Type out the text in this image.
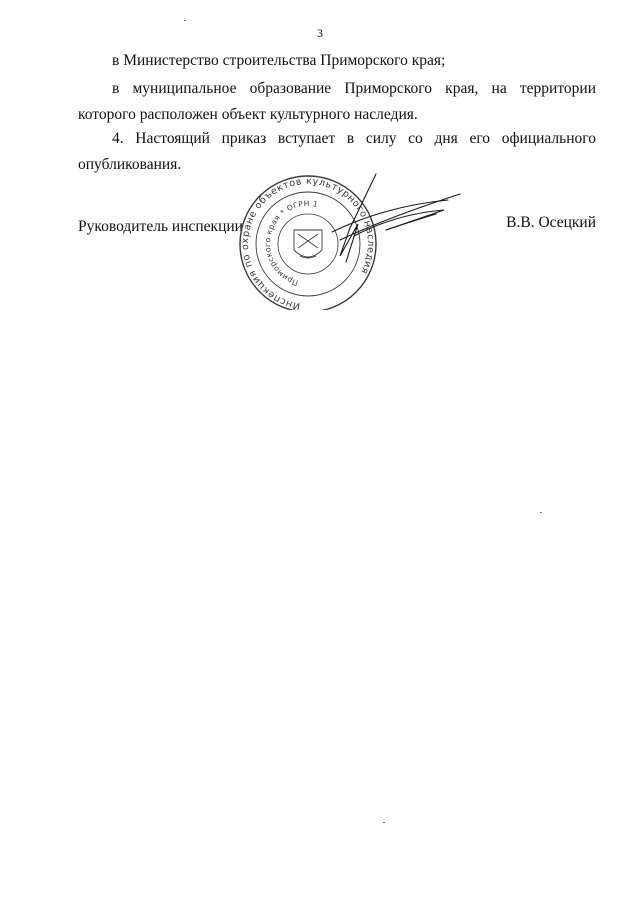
3

в Министерство строительства Приморского края;

в муниципальное образование Приморского края, на территории которого расположен объект культурного наследия.

4. Настоящий приказ вступает в силу со дня его официального опубликования.

Руководитель инспекции	В.В. Осецкий
Инспекция по охране объектов культурного наследия
Приморского края * ОГРН 1
